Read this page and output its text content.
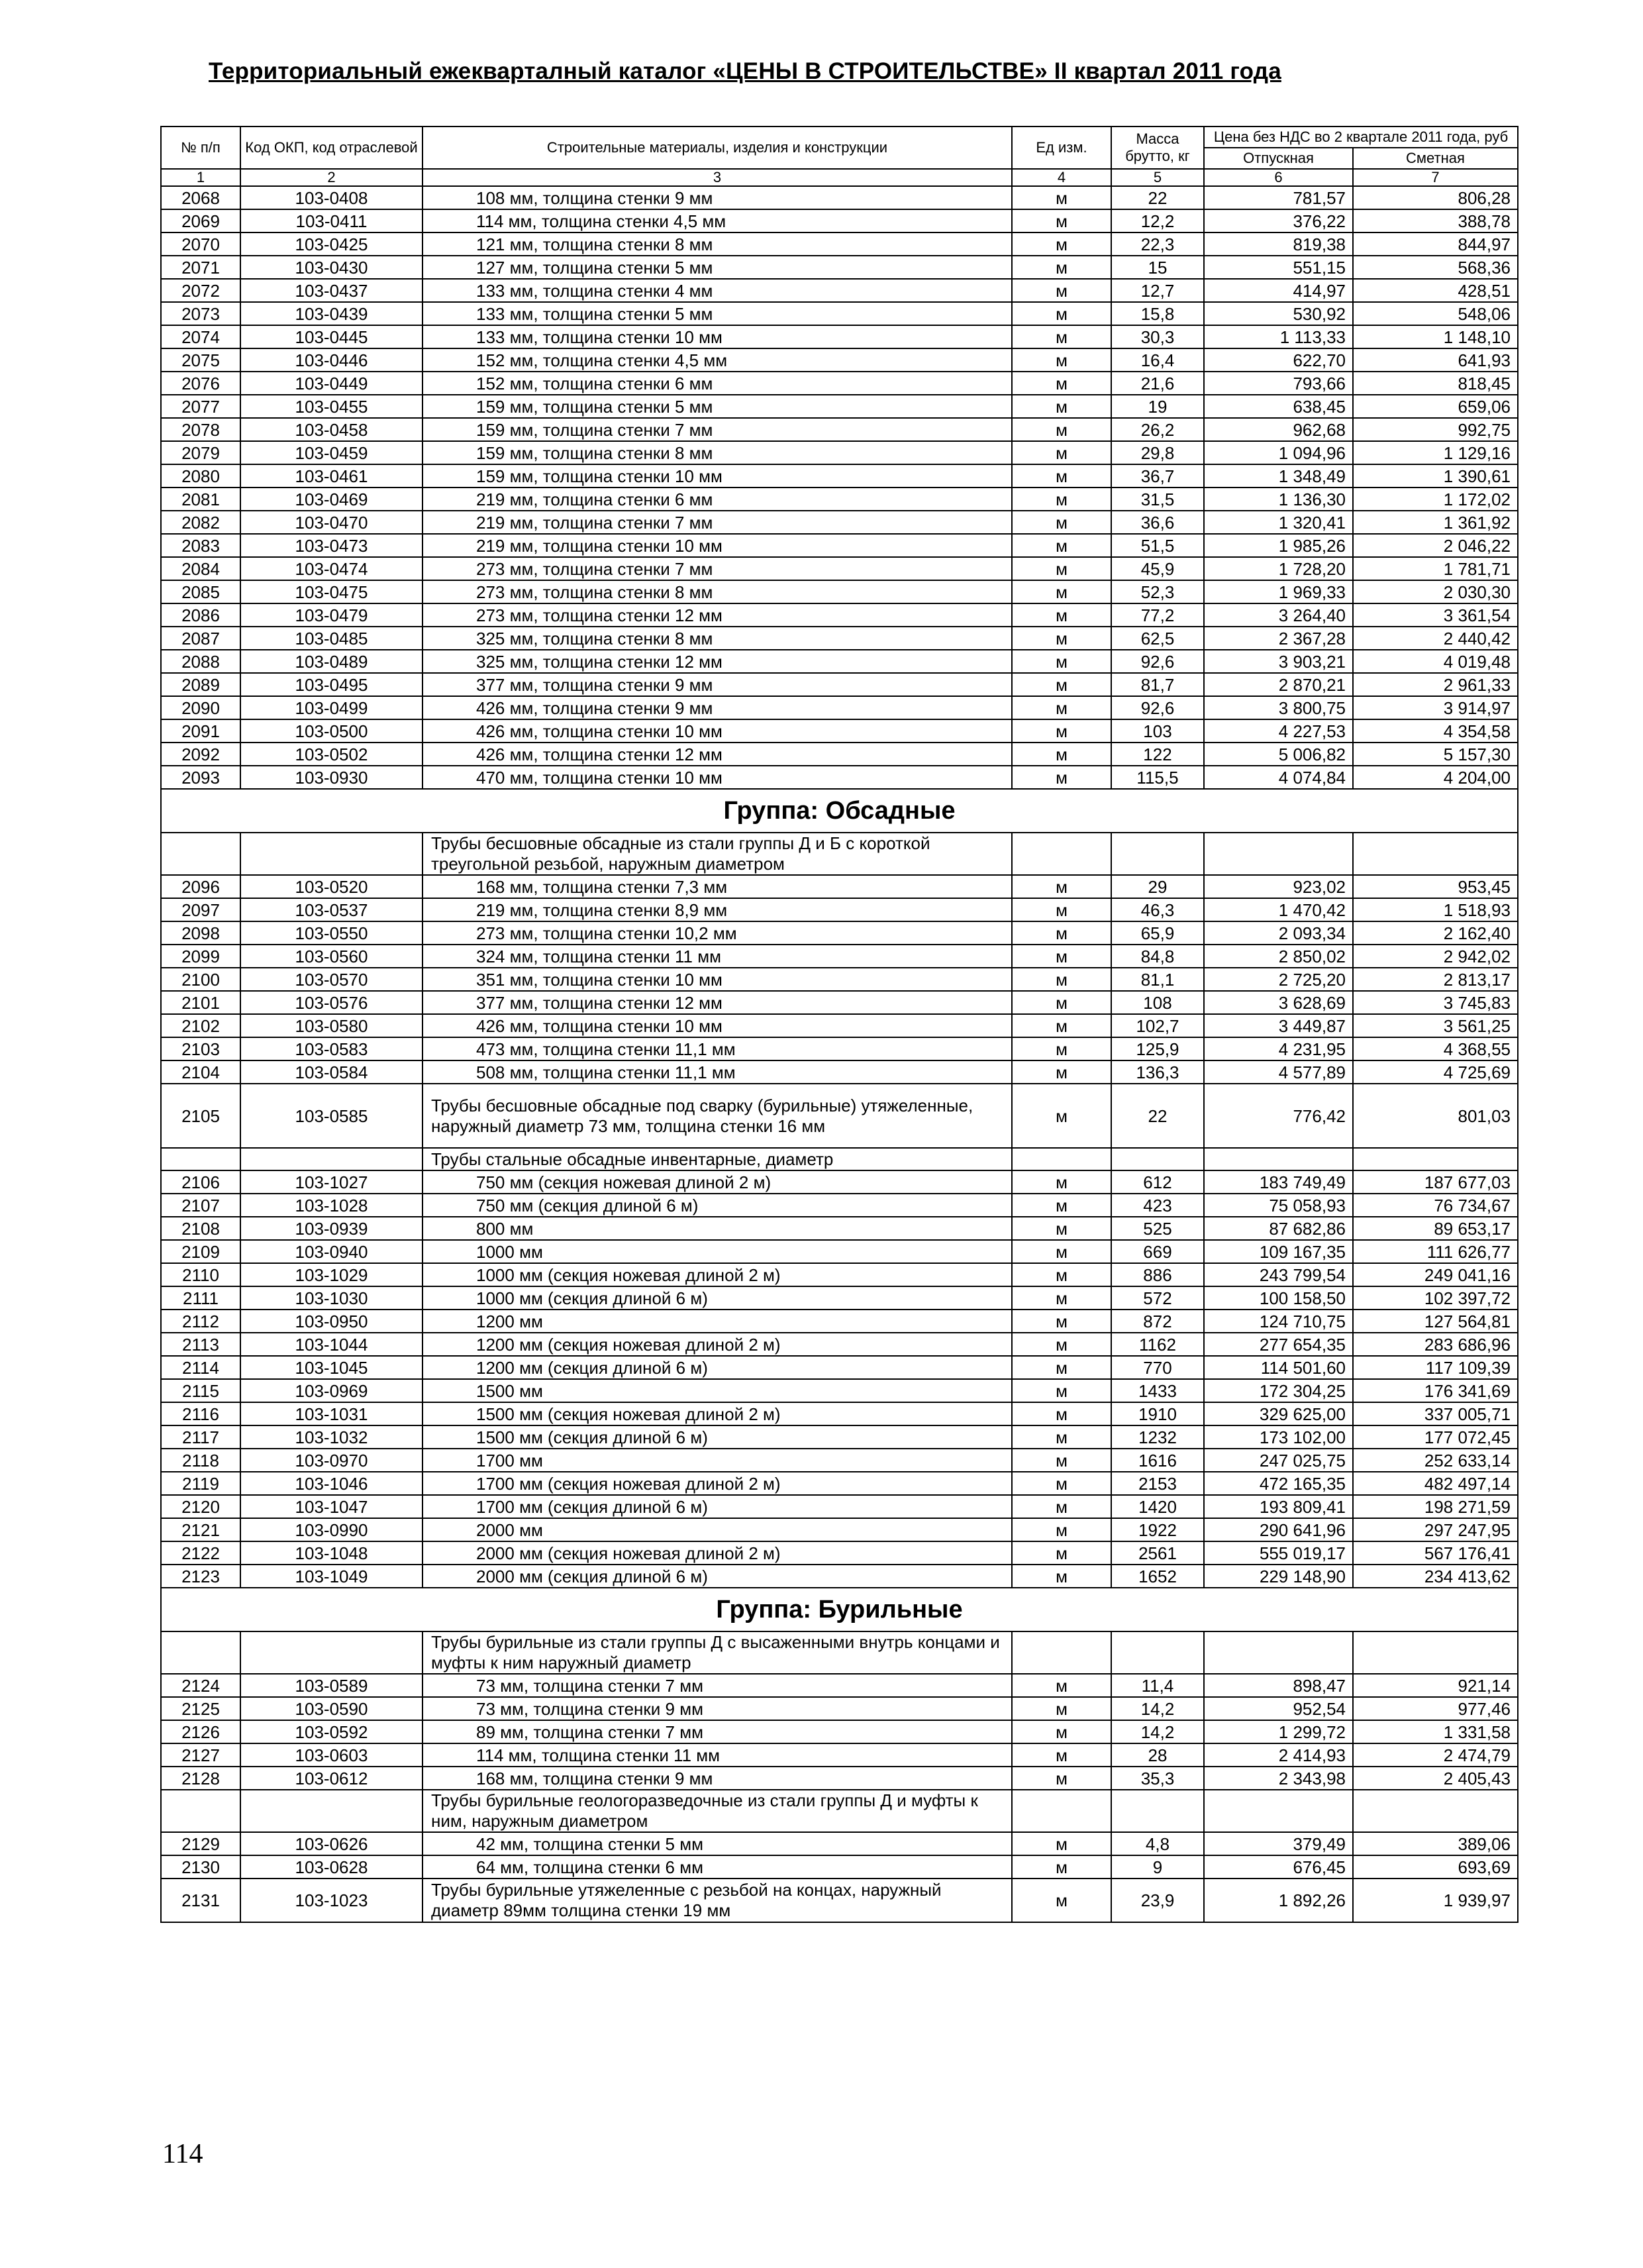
Территориальный ежекварталный каталог «ЦЕНЫ В СТРОИТЕЛЬСТВЕ» II квартал 2011 года
№ п/п	Код ОКП, код отраслевой	Строительные материалы, изделия и конструкции	Ед изм.	Масса брутто, кг	Цена без НДС во 2 квартале 2011 года, руб	
					Отпускная	Сметная
1	2	3	4	5	6	7
2068	103-0408	108 мм, толщина стенки 9 мм	м	22	781,57	806,28
2069	103-0411	114 мм, толщина стенки 4,5 мм	м	12,2	376,22	388,78
2070	103-0425	121 мм, толщина стенки 8 мм	м	22,3	819,38	844,97
2071	103-0430	127 мм, толщина стенки 5 мм	м	15	551,15	568,36
2072	103-0437	133 мм, толщина стенки 4 мм	м	12,7	414,97	428,51
2073	103-0439	133 мм, толщина стенки 5 мм	м	15,8	530,92	548,06
2074	103-0445	133 мм, толщина стенки 10 мм	м	30,3	1 113,33	1 148,10
2075	103-0446	152 мм, толщина стенки 4,5 мм	м	16,4	622,70	641,93
2076	103-0449	152 мм, толщина стенки 6 мм	м	21,6	793,66	818,45
2077	103-0455	159 мм, толщина стенки 5 мм	м	19	638,45	659,06
2078	103-0458	159 мм, толщина стенки 7 мм	м	26,2	962,68	992,75
2079	103-0459	159 мм, толщина стенки 8 мм	м	29,8	1 094,96	1 129,16
2080	103-0461	159 мм, толщина стенки 10 мм	м	36,7	1 348,49	1 390,61
2081	103-0469	219 мм, толщина стенки 6 мм	м	31,5	1 136,30	1 172,02
2082	103-0470	219 мм, толщина стенки 7 мм	м	36,6	1 320,41	1 361,92
2083	103-0473	219 мм, толщина стенки 10 мм	м	51,5	1 985,26	2 046,22
2084	103-0474	273 мм, толщина стенки 7 мм	м	45,9	1 728,20	1 781,71
2085	103-0475	273 мм, толщина стенки 8 мм	м	52,3	1 969,33	2 030,30
2086	103-0479	273 мм, толщина стенки 12 мм	м	77,2	3 264,40	3 361,54
2087	103-0485	325 мм, толщина стенки 8 мм	м	62,5	2 367,28	2 440,42
2088	103-0489	325 мм, толщина стенки 12 мм	м	92,6	3 903,21	4 019,48
2089	103-0495	377 мм, толщина стенки 9 мм	м	81,7	2 870,21	2 961,33
2090	103-0499	426 мм, толщина стенки 9 мм	м	92,6	3 800,75	3 914,97
2091	103-0500	426 мм, толщина стенки 10 мм	м	103	4 227,53	4 354,58
2092	103-0502	426 мм, толщина стенки 12 мм	м	122	5 006,82	5 157,30
2093	103-0930	470 мм, толщина стенки 10 мм	м	115,5	4 074,84	4 204,00
Группа: Обсадные						
		Трубы бесшовные обсадные из стали группы Д и Б с короткой треугольной резьбой, наружным диаметром				
2096	103-0520	168 мм, толщина стенки 7,3 мм	м	29	923,02	953,45
2097	103-0537	219 мм, толщина стенки 8,9 мм	м	46,3	1 470,42	1 518,93
2098	103-0550	273 мм, толщина стенки 10,2 мм	м	65,9	2 093,34	2 162,40
2099	103-0560	324 мм, толщина стенки 11 мм	м	84,8	2 850,02	2 942,02
2100	103-0570	351 мм, толщина стенки 10 мм	м	81,1	2 725,20	2 813,17
2101	103-0576	377 мм, толщина стенки 12 мм	м	108	3 628,69	3 745,83
2102	103-0580	426 мм, толщина стенки 10 мм	м	102,7	3 449,87	3 561,25
2103	103-0583	473 мм, толщина стенки 11,1 мм	м	125,9	4 231,95	4 368,55
2104	103-0584	508 мм, толщина стенки 11,1 мм	м	136,3	4 577,89	4 725,69
2105	103-0585	Трубы бесшовные обсадные под сварку (бурильные) утяжеленные, наружный диаметр 73 мм, толщина стенки 16 мм	м	22	776,42	801,03
		Трубы стальные обсадные инвентарные, диаметр				
2106	103-1027	750 мм (секция ножевая длиной 2 м)	м	612	183 749,49	187 677,03
2107	103-1028	750 мм (секция длиной 6 м)	м	423	75 058,93	76 734,67
2108	103-0939	800 мм	м	525	87 682,86	89 653,17
2109	103-0940	1000 мм	м	669	109 167,35	111 626,77
2110	103-1029	1000 мм (секция ножевая длиной 2 м)	м	886	243 799,54	249 041,16
2111	103-1030	1000 мм (секция длиной 6 м)	м	572	100 158,50	102 397,72
2112	103-0950	1200 мм	м	872	124 710,75	127 564,81
2113	103-1044	1200 мм (секция ножевая длиной 2 м)	м	1162	277 654,35	283 686,96
2114	103-1045	1200 мм (секция длиной 6 м)	м	770	114 501,60	117 109,39
2115	103-0969	1500 мм	м	1433	172 304,25	176 341,69
2116	103-1031	1500 мм (секция ножевая длиной 2 м)	м	1910	329 625,00	337 005,71
2117	103-1032	1500 мм (секция длиной 6 м)	м	1232	173 102,00	177 072,45
2118	103-0970	1700 мм	м	1616	247 025,75	252 633,14
2119	103-1046	1700 мм (секция ножевая длиной 2 м)	м	2153	472 165,35	482 497,14
2120	103-1047	1700 мм (секция длиной 6 м)	м	1420	193 809,41	198 271,59
2121	103-0990	2000 мм	м	1922	290 641,96	297 247,95
2122	103-1048	2000 мм (секция ножевая длиной 2 м)	м	2561	555 019,17	567 176,41
2123	103-1049	2000 мм (секция длиной 6 м)	м	1652	229 148,90	234 413,62
Группа: Бурильные						
		Трубы бурильные из стали группы Д с высаженными внутрь концами и муфты к ним наружный диаметр				
2124	103-0589	73 мм, толщина стенки 7 мм	м	11,4	898,47	921,14
2125	103-0590	73 мм, толщина стенки 9 мм	м	14,2	952,54	977,46
2126	103-0592	89 мм, толщина стенки 7 мм	м	14,2	1 299,72	1 331,58
2127	103-0603	114 мм, толщина стенки 11 мм	м	28	2 414,93	2 474,79
2128	103-0612	168 мм, толщина стенки 9 мм	м	35,3	2 343,98	2 405,43
		Трубы бурильные геологоразведочные из стали группы Д и муфты к ним, наружным диаметром				
2129	103-0626	42 мм, толщина стенки 5 мм	м	4,8	379,49	389,06
2130	103-0628	64 мм, толщина стенки 6 мм	м	9	676,45	693,69
2131	103-1023	Трубы бурильные утяжеленные с резьбой на концах, наружный диаметр 89мм толщина стенки 19 мм	м	23,9	1 892,26	1 939,97
114
